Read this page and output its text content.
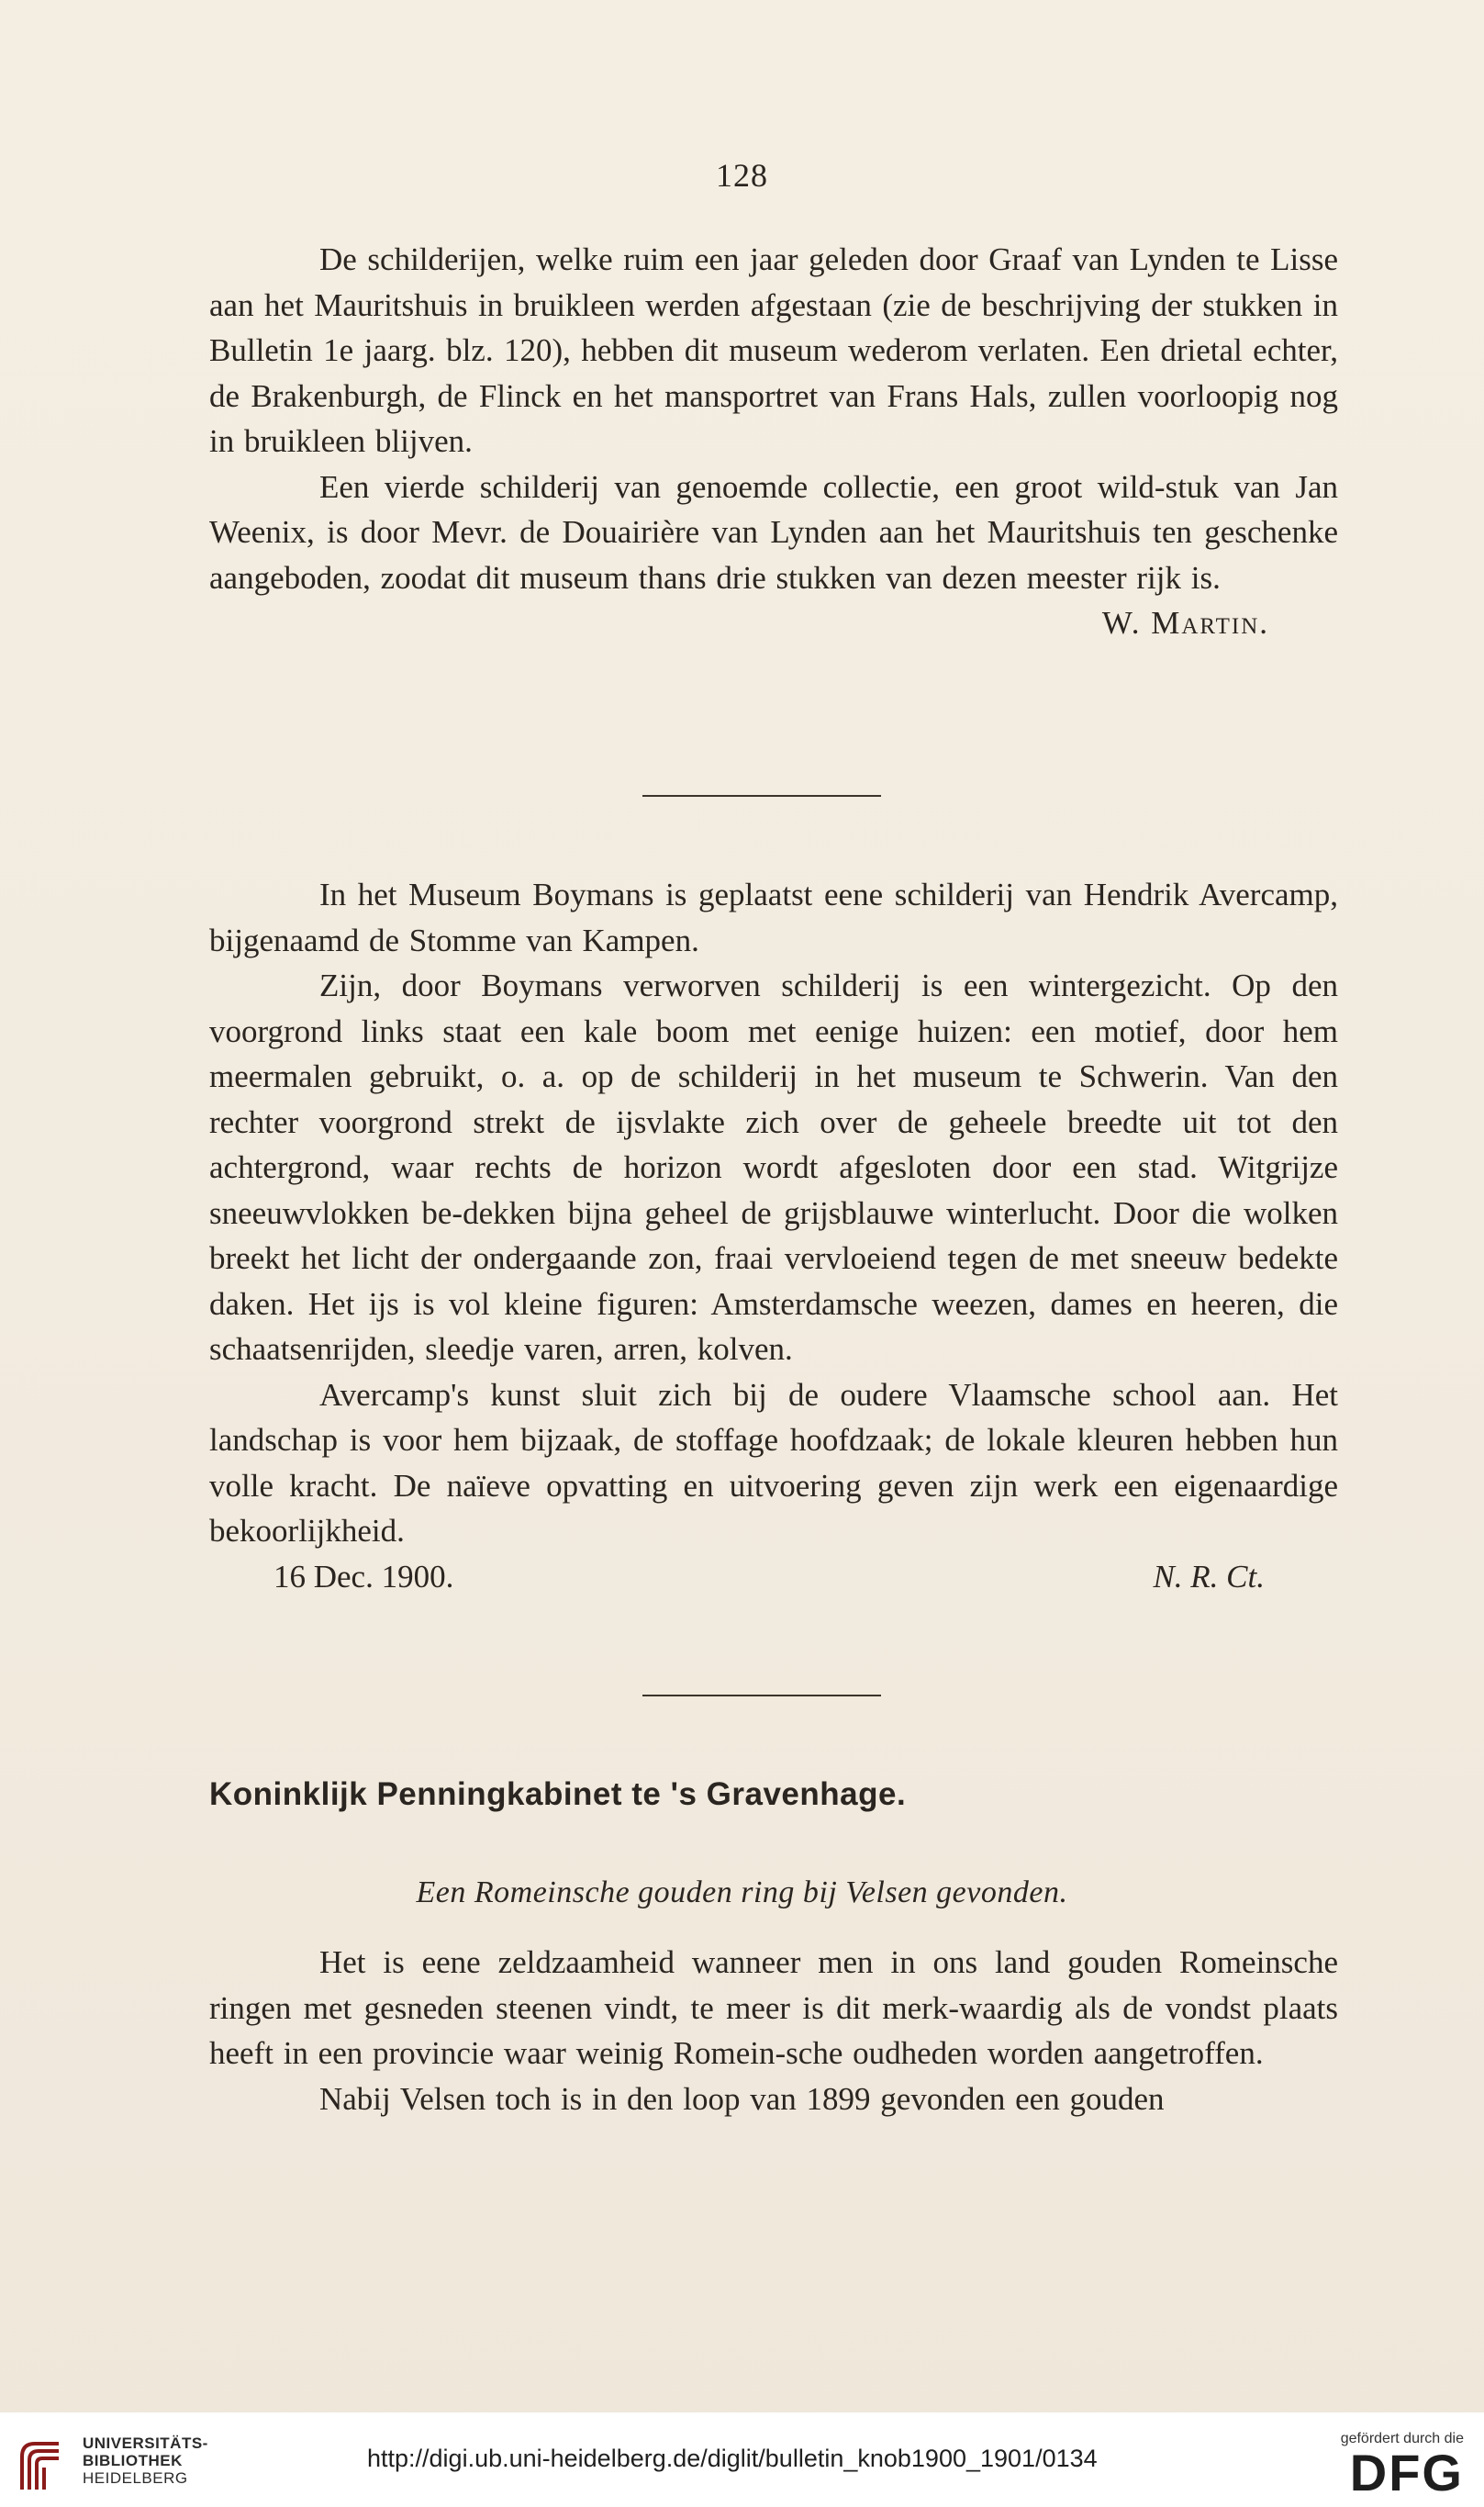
128

De schilderijen, welke ruim een jaar geleden door Graaf van Lynden te Lisse aan het Mauritshuis in bruikleen werden afgestaan (zie de beschrijving der stukken in Bulletin 1e jaarg. blz. 120), hebben dit museum wederom verlaten. Een drietal echter, de Brakenburgh, de Flinck en het mansportret van Frans Hals, zullen voorloopig nog in bruikleen blijven.

Een vierde schilderij van genoemde collectie, een groot wild-stuk van Jan Weenix, is door Mevr. de Douairière van Lynden aan het Mauritshuis ten geschenke aangeboden, zoodat dit museum thans drie stukken van dezen meester rijk is.

W. Martin.

In het Museum Boymans is geplaatst eene schilderij van Hendrik Avercamp, bijgenaamd de Stomme van Kampen.

Zijn, door Boymans verworven schilderij is een wintergezicht. Op den voorgrond links staat een kale boom met eenige huizen: een motief, door hem meermalen gebruikt, o. a. op de schilderij in het museum te Schwerin. Van den rechter voorgrond strekt de ijsvlakte zich over de geheele breedte uit tot den achtergrond, waar rechts de horizon wordt afgesloten door een stad. Witgrijze sneeuwvlokken be-dekken bijna geheel de grijsblauwe winterlucht. Door die wolken breekt het licht der ondergaande zon, fraai vervloeiend tegen de met sneeuw bedekte daken. Het ijs is vol kleine figuren: Amsterdamsche weezen, dames en heeren, die schaatsenrijden, sleedje varen, arren, kolven.

Avercamp's kunst sluit zich bij de oudere Vlaamsche school aan. Het landschap is voor hem bijzaak, de stoffage hoofdzaak; de lokale kleuren hebben hun volle kracht. De naïeve opvatting en uitvoering geven zijn werk een eigenaardige bekoorlijkheid.

16 Dec. 1900.	N. R. Ct.
Koninklijk Penningkabinet te 's Gravenhage.
Een Romeinsche gouden ring bij Velsen gevonden.

Het is eene zeldzaamheid wanneer men in ons land gouden Romeinsche ringen met gesneden steenen vindt, te meer is dit merk-waardig als de vondst plaats heeft in een provincie waar weinig Romein-sche oudheden worden aangetroffen.

Nabij Velsen toch is in den loop van 1899 gevonden een gouden

UNIVERSITÄTS-
BIBLIOTHEK
HEIDELBERG
http://digi.ub.uni-heidelberg.de/diglit/bulletin_knob1900_1901/0134
gefördert durch die
DFG
